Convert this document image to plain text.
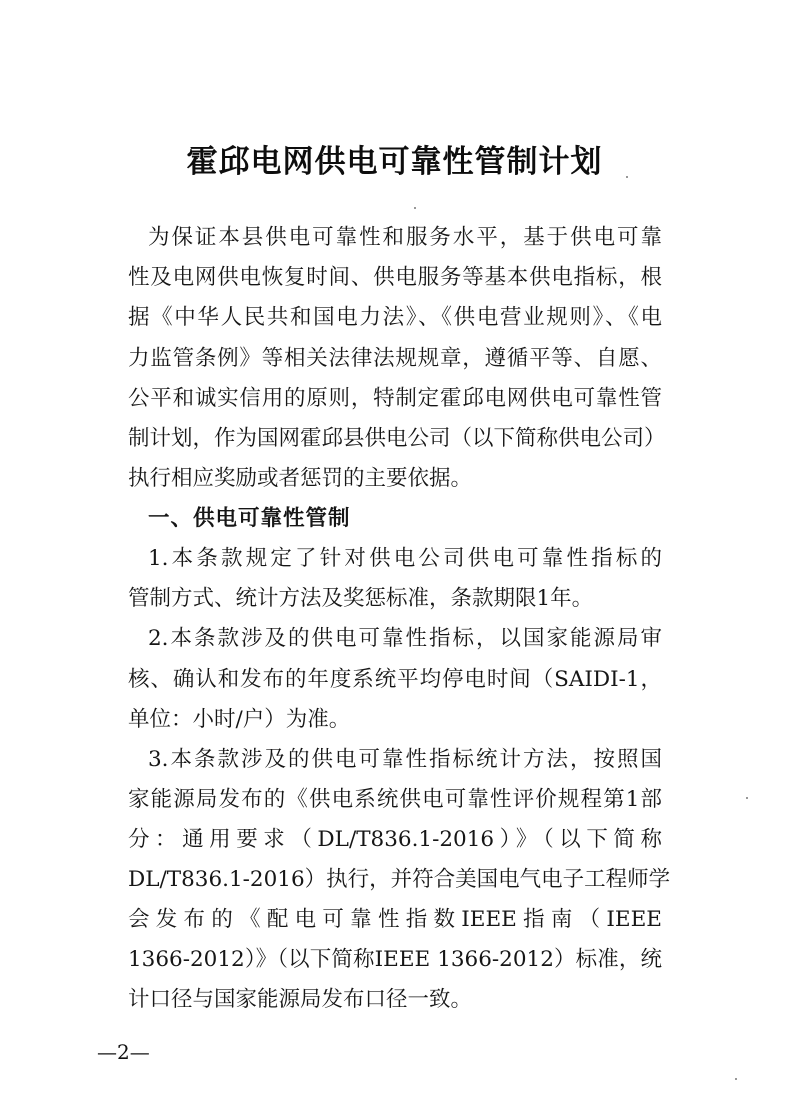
霍邱电网供电可靠性管制计划
为保证本县供电可靠性和服务水平，基于供电可靠
性及电网供电恢复时间、供电服务等基本供电指标，根
据《中华人民共和国电力法》、《供电营业规则》、《电
力监管条例》等相关法律法规规章，遵循平等、自愿、
公平和诚实信用的原则，特制定霍邱电网供电可靠性管
制计划，作为国网霍邱县供电公司（以下简称供电公司）
执行相应奖励或者惩罚的主要依据。
一、供电可靠性管制
1.本条款规定了针对供电公司供电可靠性指标的
管制方式、统计方法及奖惩标准，条款期限1年。
2.本条款涉及的供电可靠性指标，以国家能源局审
核、确认和发布的年度系统平均停电时间（SAIDI-1，
单位：小时/户）为准。
3.本条款涉及的供电可靠性指标统计方法，按照国
家能源局发布的《供电系统供电可靠性评价规程第1部
分：通用要求（DL/T836.1-2016）》（以下简称
DL/T836.1-2016）执行，并符合美国电气电子工程师学
会发布的《配电可靠性指数IEEE指南（IEEE
1366-2012）》（以下简称IEEE 1366-2012）标准，统
计口径与国家能源局发布口径一致。
—2—
